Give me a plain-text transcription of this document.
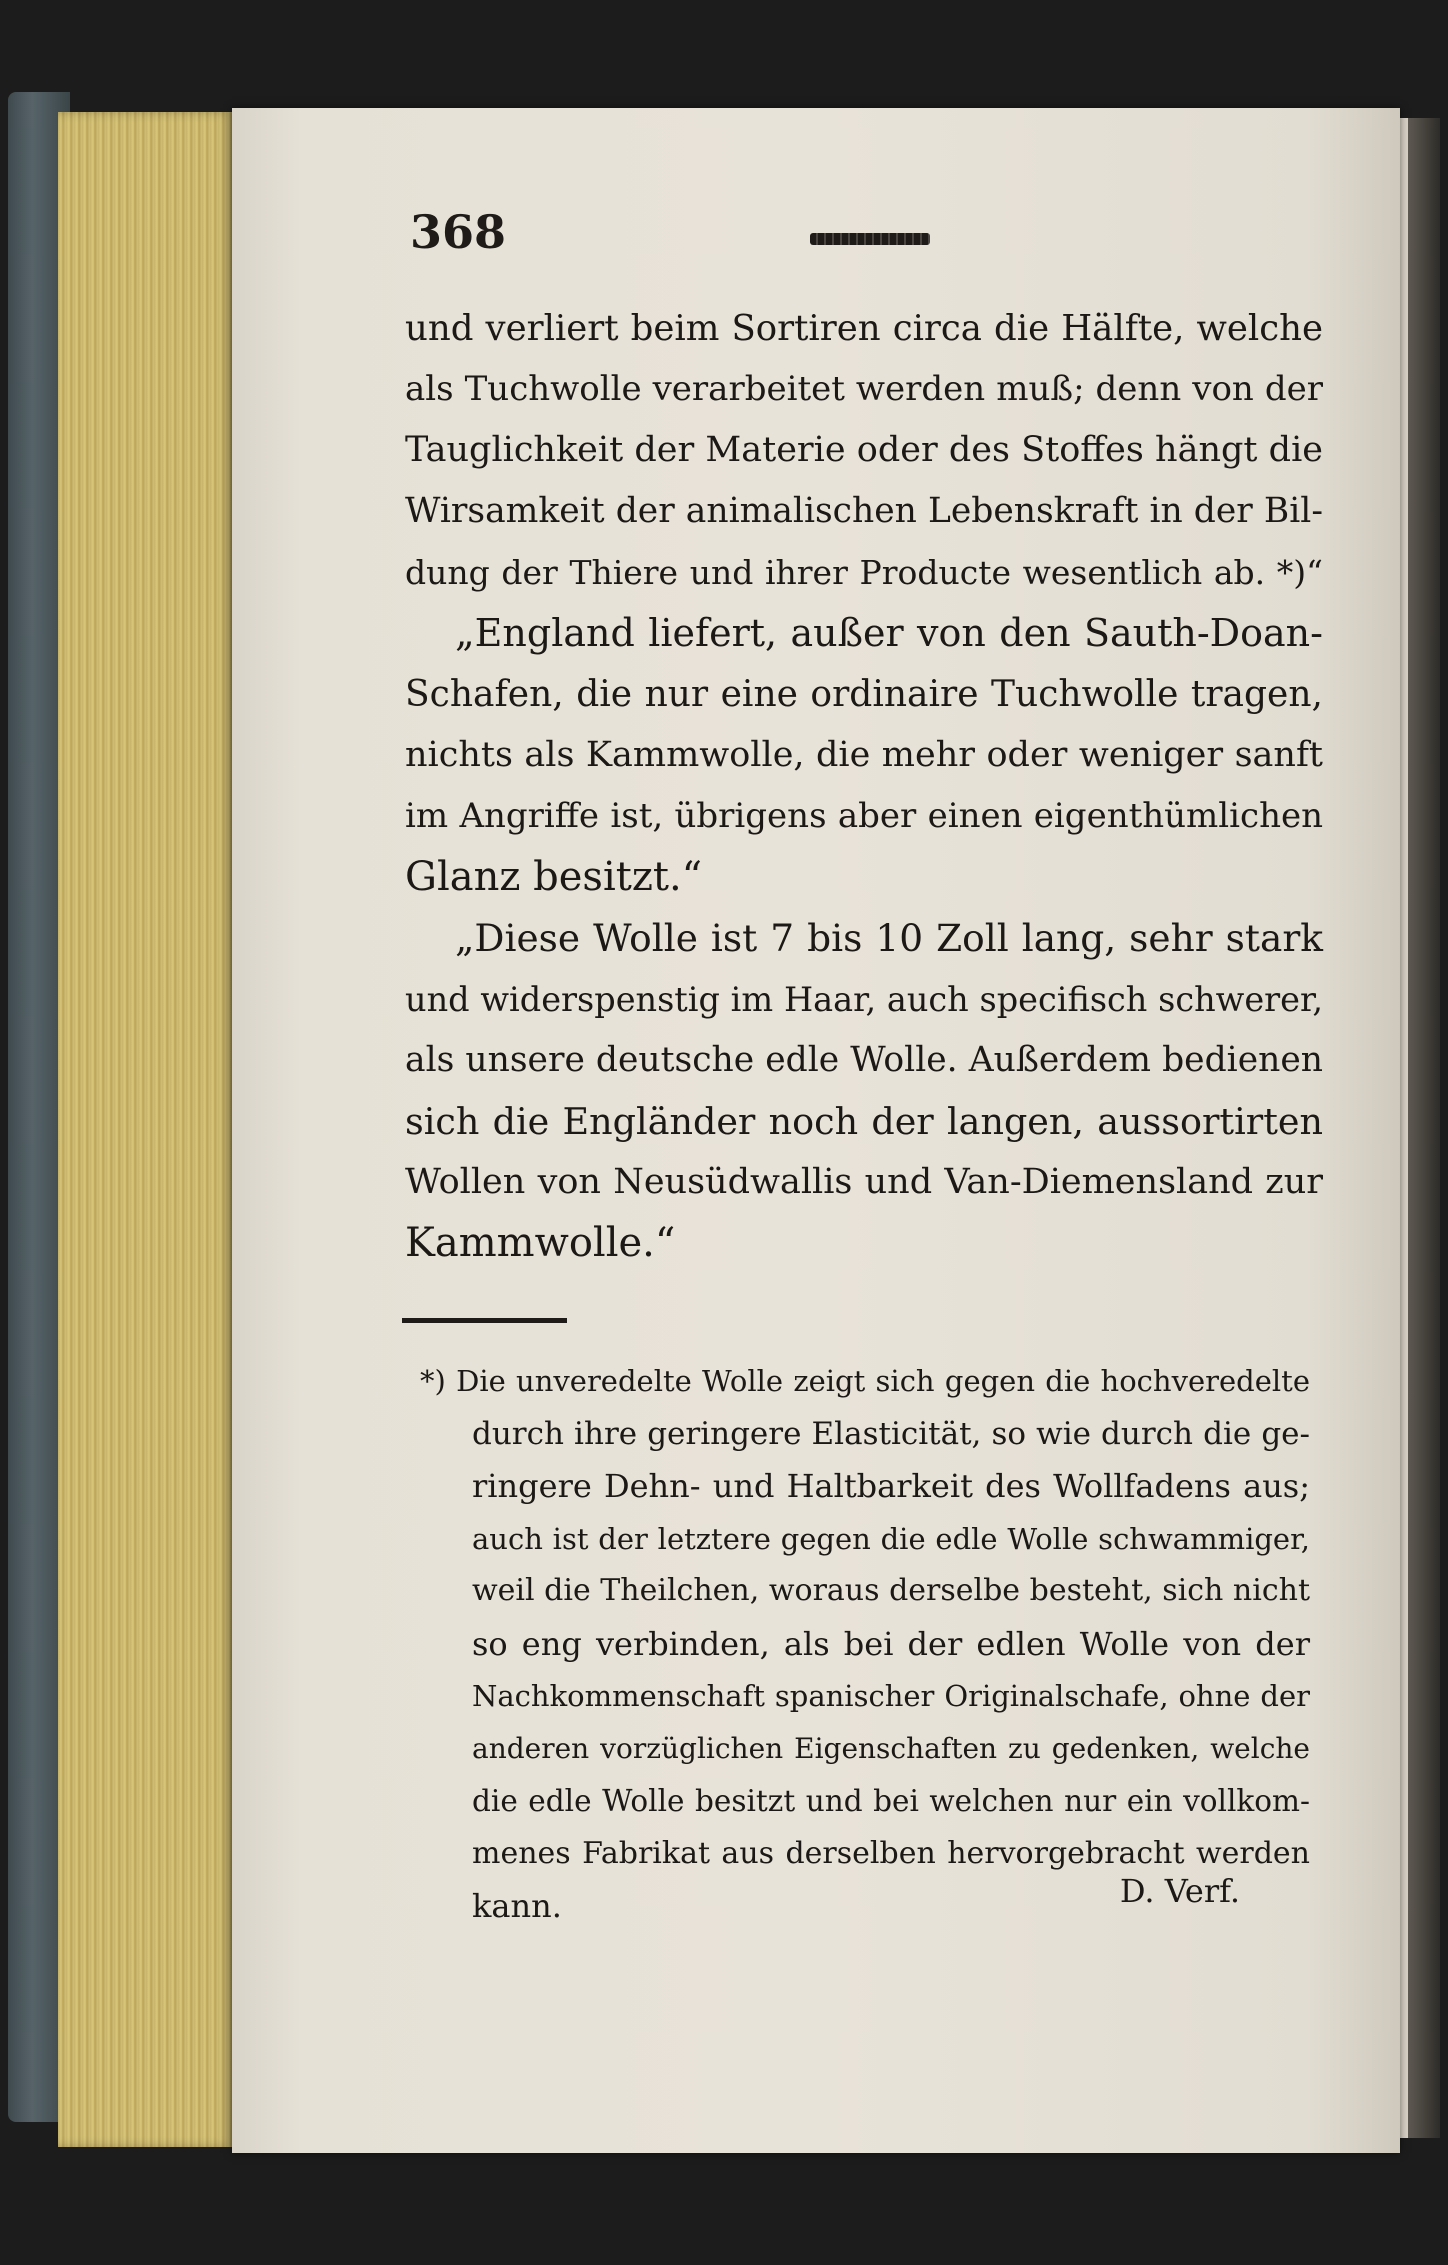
368
und verliert beim Sortiren circa die Hälfte, welche
als Tuchwolle verarbeitet werden muß; denn von der
Tauglichkeit der Materie oder des Stoffes hängt die
Wirsamkeit der animalischen Lebenskraft in der Bil-
dung der Thiere und ihrer Producte wesentlich ab. *)“
„England liefert, außer von den Sauth-Doan-
Schafen, die nur eine ordinaire Tuchwolle tragen,
nichts als Kammwolle, die mehr oder weniger sanft
im Angriffe ist, übrigens aber einen eigenthümlichen
Glanz besitzt.“
„Diese Wolle ist 7 bis 10 Zoll lang, sehr stark
und widerspenstig im Haar, auch specifisch schwerer,
als unsere deutsche edle Wolle. Außerdem bedienen
sich die Engländer noch der langen, aussortirten
Wollen von Neusüdwallis und Van-Diemensland zur
Kammwolle.“
*) Die unveredelte Wolle zeigt sich gegen die hochveredelte
durch ihre geringere Elasticität, so wie durch die ge-
ringere Dehn- und Haltbarkeit des Wollfadens aus;
auch ist der letztere gegen die edle Wolle schwammiger,
weil die Theilchen, woraus derselbe besteht, sich nicht
so eng verbinden, als bei der edlen Wolle von der
Nachkommenschaft spanischer Originalschafe, ohne der
anderen vorzüglichen Eigenschaften zu gedenken, welche
die edle Wolle besitzt und bei welchen nur ein vollkom-
menes Fabrikat aus derselben hervorgebracht werden
kann.	D. Verf.
